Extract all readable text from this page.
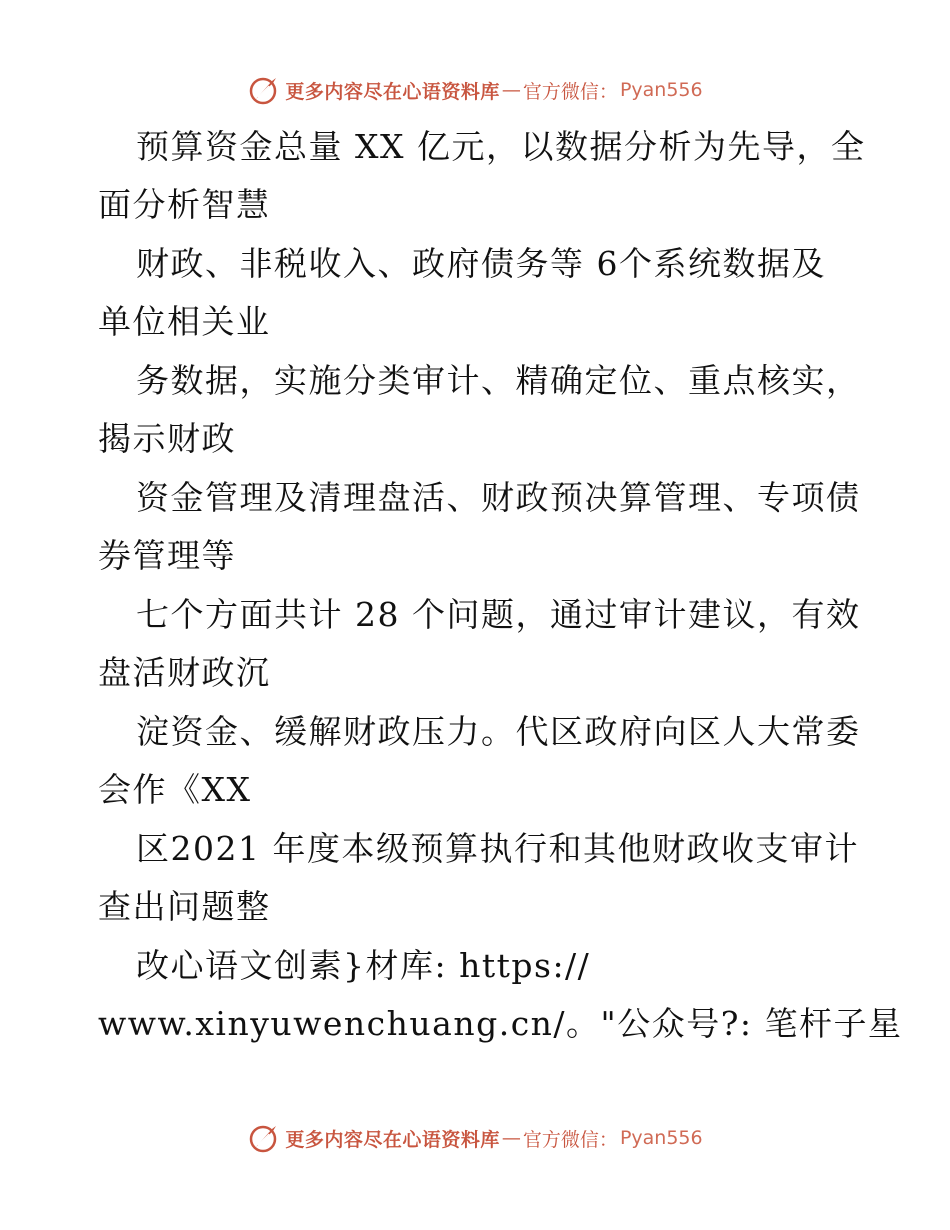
更多内容尽在心语资料库 — 官方微信： Pyan556
预算资金总量 XX 亿元，以数据分析为先导，全
面分析智慧
财政、非税收入、政府债务等 6个系统数据及
单位相关业
务数据，实施分类审计、精确定位、重点核实，
揭示财政
资金管理及清理盘活、财政预决算管理、专项债
券管理等
七个方面共计 28 个问题，通过审计建议，有效
盘活财政沉
淀资金、缓解财政压力。代区政府向区人大常委
会作《XX
区2021 年度本级预算执行和其他财政收支审计
查出问题整
改心语文创素}材库: https://
www.xinyuwenchuang.cn/。"公众号?: 笔杆子星
更多内容尽在心语资料库 — 官方微信： Pyan556
